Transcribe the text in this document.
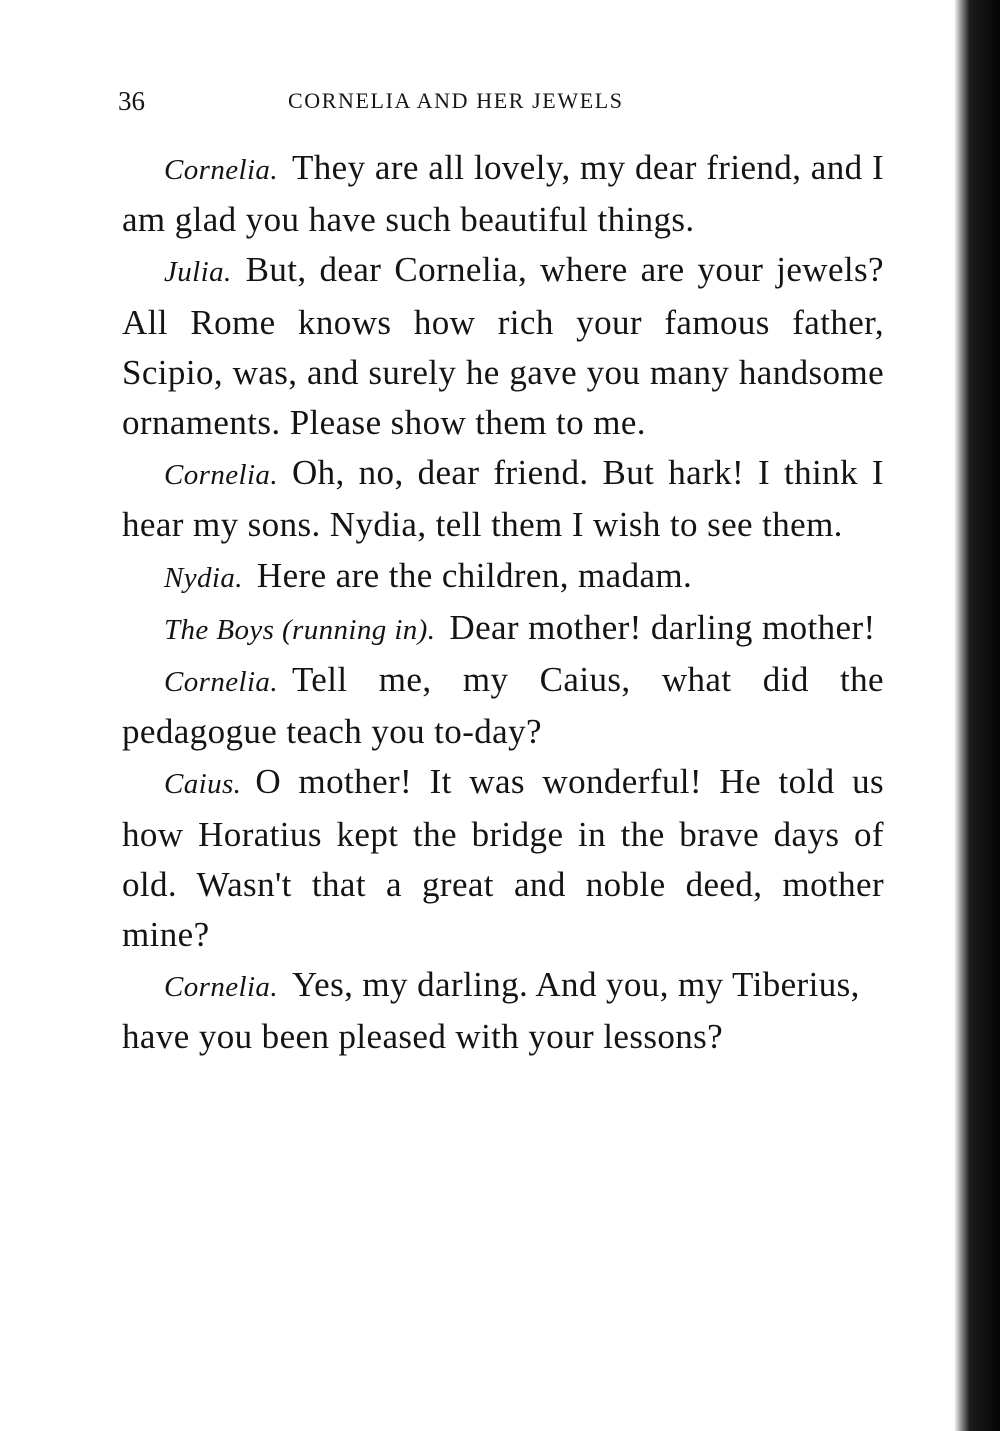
36	CORNELIA AND HER JEWELS

Cornelia. They are all lovely, my dear friend, and I am glad you have such beautiful things.

Julia. But, dear Cornelia, where are your jewels? All Rome knows how rich your famous father, Scipio, was, and surely he gave you many handsome ornaments. Please show them to me.

Cornelia. Oh, no, dear friend. But hark! I think I hear my sons. Nydia, tell them I wish to see them.

Nydia. Here are the children, madam.

The Boys (running in). Dear mother! darling mother!

Cornelia. Tell me, my Caius, what did the pedagogue teach you to-day?

Caius. O mother! It was wonderful! He told us how Horatius kept the bridge in the brave days of old. Wasn't that a great and noble deed, mother mine?

Cornelia. Yes, my darling. And you, my Tiberius, have you been pleased with your lessons?
